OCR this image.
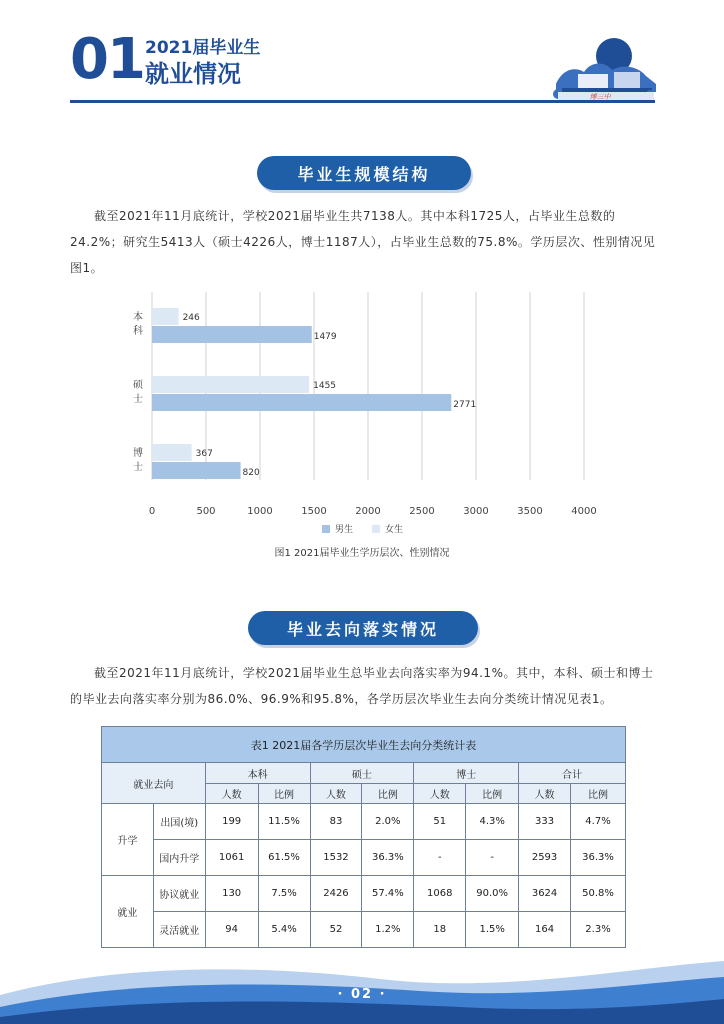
01 2021届毕业生
就业情况
博三中
毕业生规模结构

截至2021年11月底统计，学校2021届毕业生共7138人。其中本科1725人，占毕业生总数的24.2%；研究生5413人（硕士4226人，博士1187人），占毕业生总数的75.8%。学历层次、性别情况见图1。

0	500	1000	1500	2000	2500	3000	3500	4000
246
1479
本
科
1455
2771
硕
士
367
820
博
士
男生	女生
图1 2021届毕业生学历层次、性别情况
毕业去向落实情况

截至2021年11月底统计，学校2021届毕业生总毕业去向落实率为94.1%。其中，本科、硕士和博士的毕业去向落实率分别为86.0%、96.9%和95.8%，各学历层次毕业生去向分类统计情况见表1。

表1 2021届各学历层次毕业生去向分类统计表									
就业去向		本科		硕士		博士		合计	
		人数	比例	人数	比例	人数	比例	人数	比例
升学	出国(境)	199	11.5%	83	2.0%	51	4.3%	333	4.7%
	国内升学	1061	61.5%	1532	36.3%	-	-	2593	36.3%
就业	协议就业	130	7.5%	2426	57.4%	1068	90.0%	3624	50.8%
	灵活就业	94	5.4%	52	1.2%	18	1.5%	164	2.3%
· 02 ·
